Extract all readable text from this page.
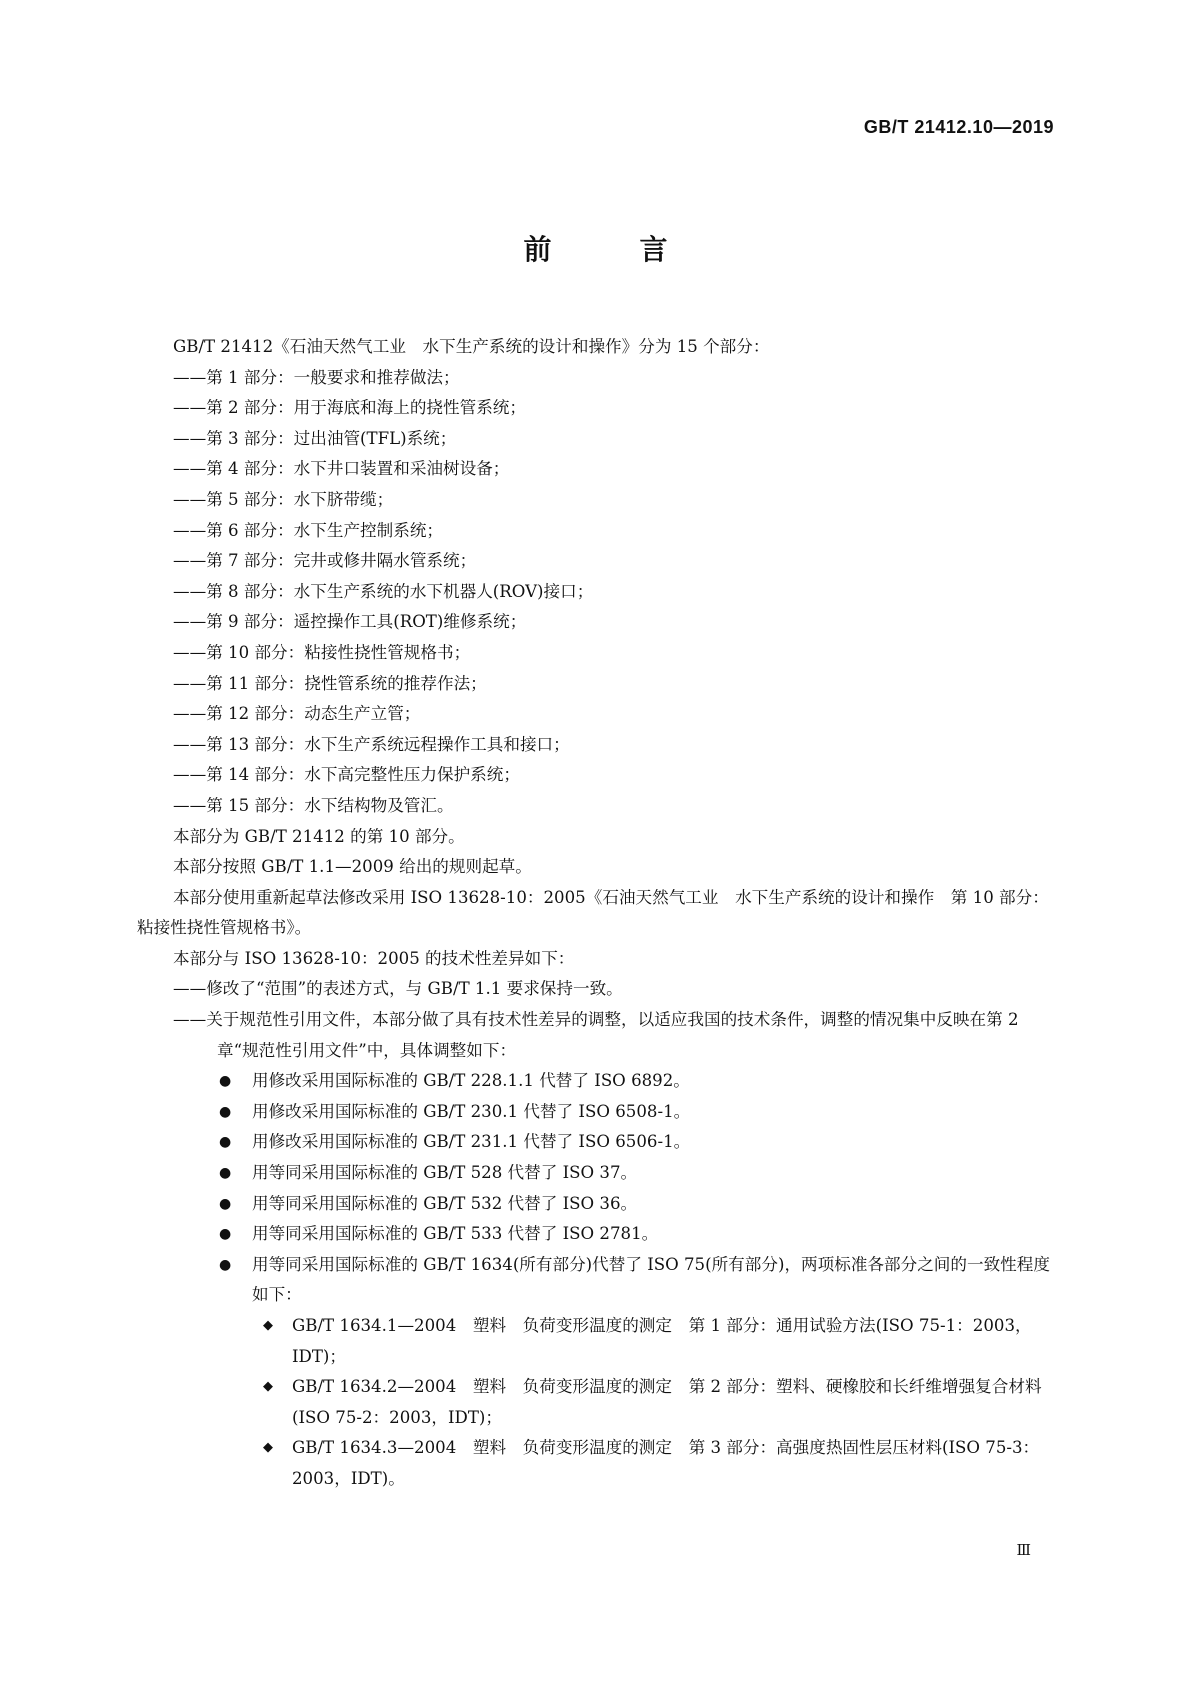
GB/T 21412.10—2019
前　言

GB/T 21412《石油天然气工业　水下生产系统的设计和操作》分为 15 个部分：

——第 1 部分：一般要求和推荐做法；

——第 2 部分：用于海底和海上的挠性管系统；

——第 3 部分：过出油管(TFL)系统；

——第 4 部分：水下井口装置和采油树设备；

——第 5 部分：水下脐带缆；

——第 6 部分：水下生产控制系统；

——第 7 部分：完井或修井隔水管系统；

——第 8 部分：水下生产系统的水下机器人(ROV)接口；

——第 9 部分：遥控操作工具(ROT)维修系统；

——第 10 部分：粘接性挠性管规格书；

——第 11 部分：挠性管系统的推荐作法；

——第 12 部分：动态生产立管；

——第 13 部分：水下生产系统远程操作工具和接口；

——第 14 部分：水下高完整性压力保护系统；

——第 15 部分：水下结构物及管汇。

本部分为 GB/T 21412 的第 10 部分。

本部分按照 GB/T 1.1—2009 给出的规则起草。

本部分使用重新起草法修改采用 ISO 13628-10：2005《石油天然气工业　水下生产系统的设计和操作　第 10 部分：粘接性挠性管规格书》。

本部分与 ISO 13628-10：2005 的技术性差异如下：

——修改了“范围”的表述方式，与 GB/T 1.1 要求保持一致。

——关于规范性引用文件，本部分做了具有技术性差异的调整，以适应我国的技术条件，调整的情况集中反映在第 2 章“规范性引用文件”中，具体调整如下：

● 用修改采用国际标准的 GB/T 228.1.1 代替了 ISO 6892。

● 用修改采用国际标准的 GB/T 230.1 代替了 ISO 6508-1。

● 用修改采用国际标准的 GB/T 231.1 代替了 ISO 6506-1。

● 用等同采用国际标准的 GB/T 528 代替了 ISO 37。

● 用等同采用国际标准的 GB/T 532 代替了 ISO 36。

● 用等同采用国际标准的 GB/T 533 代替了 ISO 2781。

● 用等同采用国际标准的 GB/T 1634(所有部分)代替了 ISO 75(所有部分)，两项标准各部分之间的一致性程度如下：

◆ GB/T 1634.1—2004　塑料　负荷变形温度的测定　第 1 部分：通用试验方法(ISO 75-1：2003，IDT)；

◆ GB/T 1634.2—2004　塑料　负荷变形温度的测定　第 2 部分：塑料、硬橡胶和长纤维增强复合材料(ISO 75-2：2003，IDT)；

◆ GB/T 1634.3—2004　塑料　负荷变形温度的测定　第 3 部分：高强度热固性层压材料(ISO 75-3：2003，IDT)。

Ⅲ
